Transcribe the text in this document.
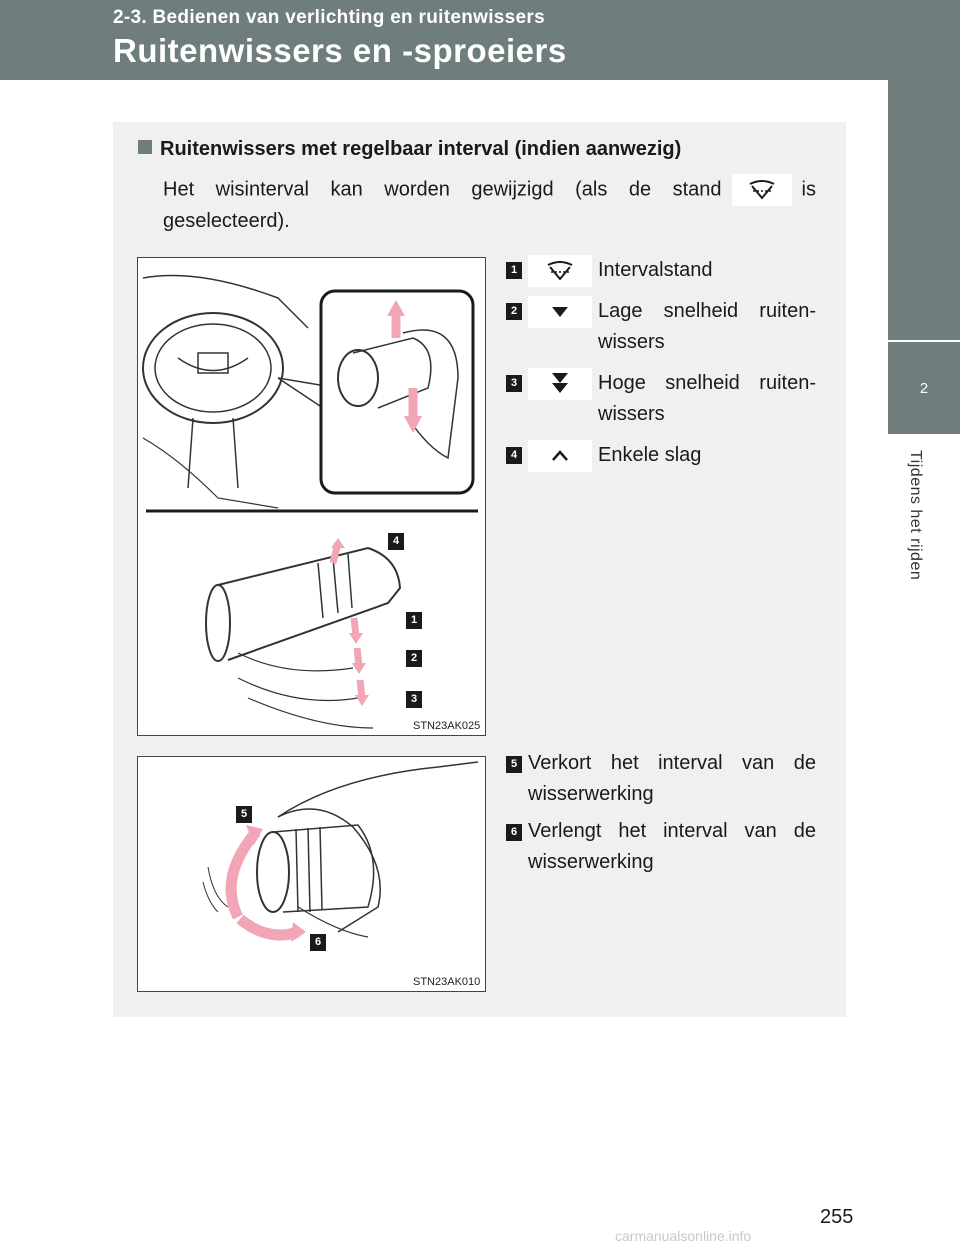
2-3. Bedienen van verlichting en ruitenwissers
Ruitenwissers en -sproeiers
2
Tijdens het rijden
Ruitenwissers met regelbaar interval (indien aanwezig)
Het wisinterval kan worden gewijzigd (als de stand	is geselecteerd).
4
1
2
3
STN23AK025
5
6
STN23AK010
1	Intervalstand
2	Lage snelheid ruiten-wissers
3	Hoge snelheid ruiten-wissers
4	Enkele slag
5 Verkort het interval van de wisserwerking
6 Verlengt het interval van de wisserwerking
255
carmanualsonline.info
